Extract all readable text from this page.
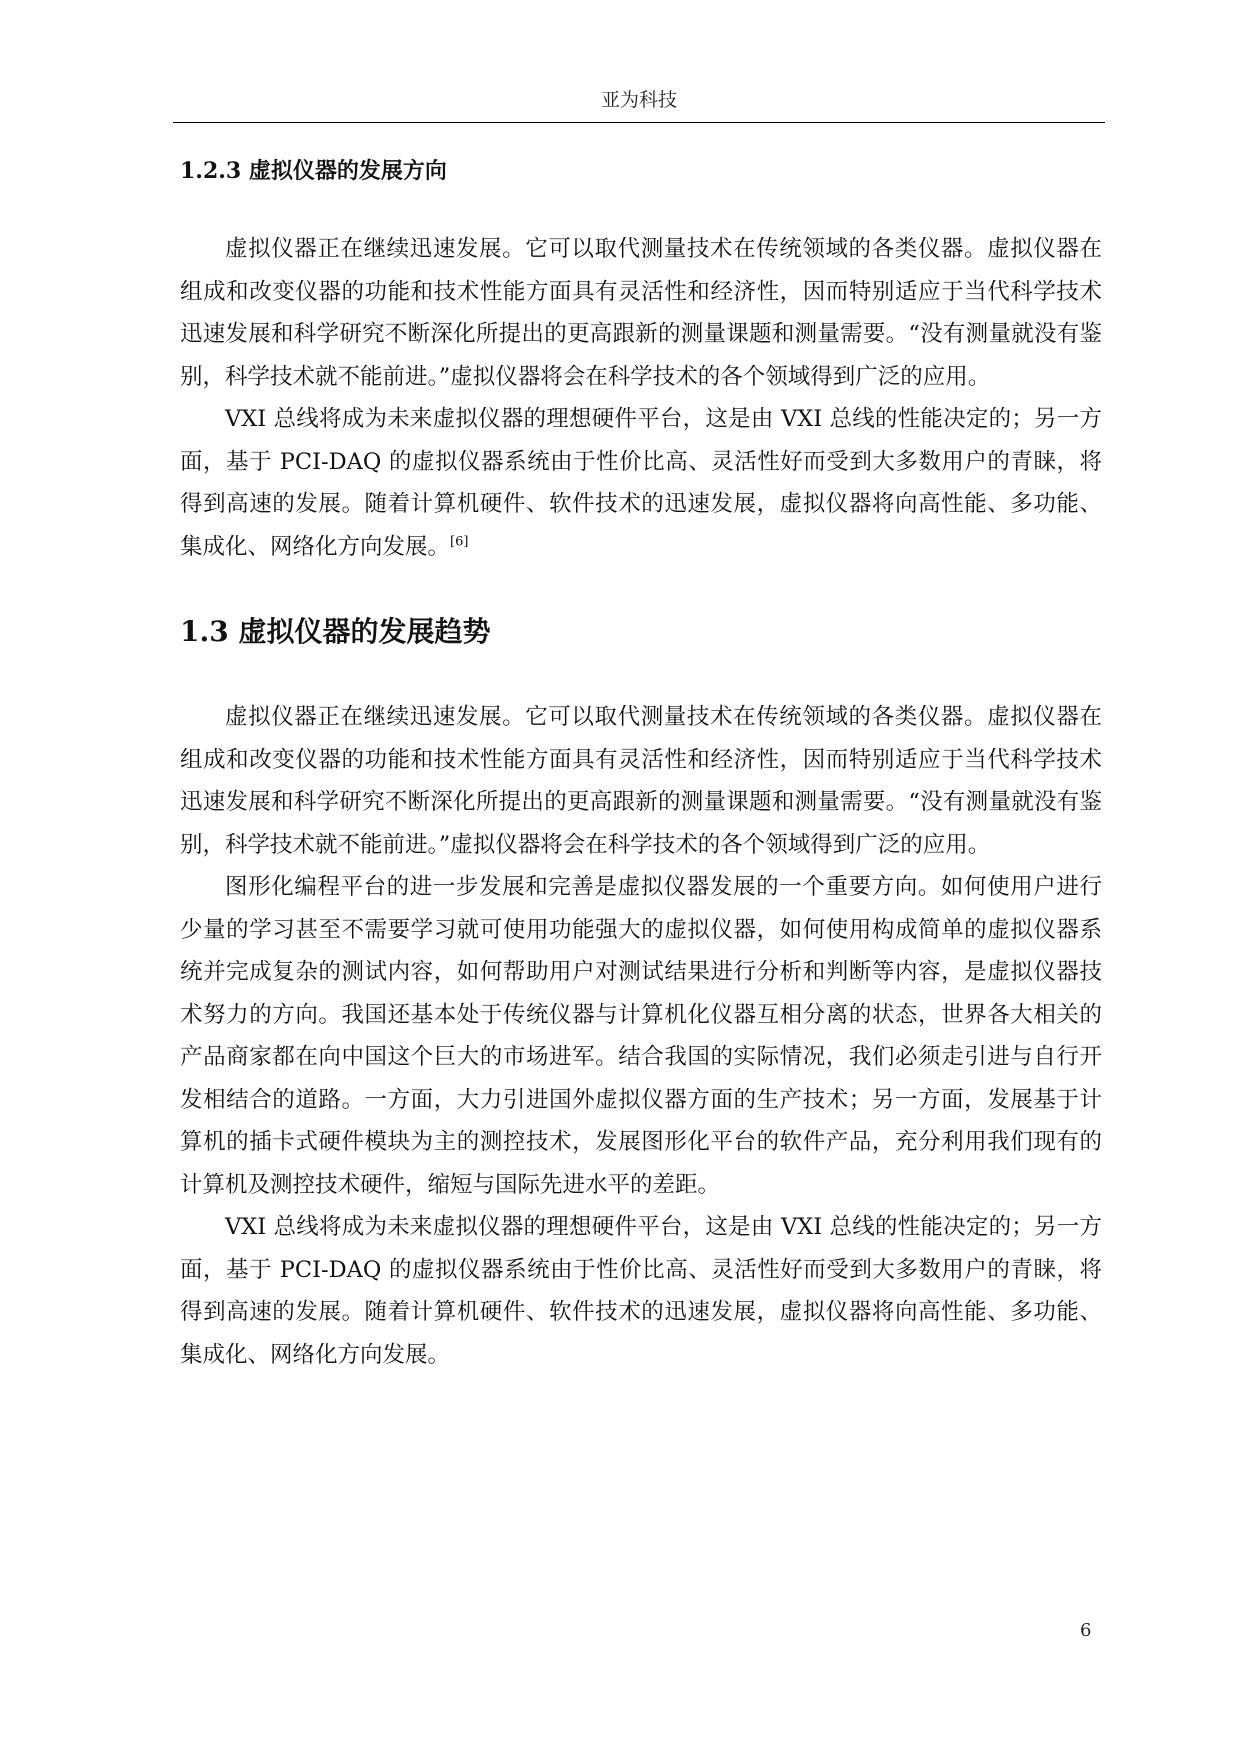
亚为科技
1.2.3 虚拟仪器的发展方向

虚拟仪器正在继续迅速发展。它可以取代测量技术在传统领域的各类仪器。虚拟仪器在组成和改变仪器的功能和技术性能方面具有灵活性和经济性，因而特别适应于当代科学技术迅速发展和科学研究不断深化所提出的更高跟新的测量课题和测量需要。“没有测量就没有鉴别，科学技术就不能前进。”虚拟仪器将会在科学技术的各个领域得到广泛的应用。

VXI 总线将成为未来虚拟仪器的理想硬件平台，这是由 VXI 总线的性能决定的；另一方面，基于 PCI-DAQ 的虚拟仪器系统由于性价比高、灵活性好而受到大多数用户的青睐，将得到高速的发展。随着计算机硬件、软件技术的迅速发展，虚拟仪器将向高性能、多功能、集成化、网络化方向发展。[6]

1.3 虚拟仪器的发展趋势

虚拟仪器正在继续迅速发展。它可以取代测量技术在传统领域的各类仪器。虚拟仪器在组成和改变仪器的功能和技术性能方面具有灵活性和经济性，因而特别适应于当代科学技术迅速发展和科学研究不断深化所提出的更高跟新的测量课题和测量需要。“没有测量就没有鉴别，科学技术就不能前进。”虚拟仪器将会在科学技术的各个领域得到广泛的应用。

图形化编程平台的进一步发展和完善是虚拟仪器发展的一个重要方向。如何使用户进行少量的学习甚至不需要学习就可使用功能强大的虚拟仪器，如何使用构成简单的虚拟仪器系统并完成复杂的测试内容，如何帮助用户对测试结果进行分析和判断等内容，是虚拟仪器技术努力的方向。我国还基本处于传统仪器与计算机化仪器互相分离的状态，世界各大相关的产品商家都在向中国这个巨大的市场进军。结合我国的实际情况，我们必须走引进与自行开发相结合的道路。一方面，大力引进国外虚拟仪器方面的生产技术；另一方面，发展基于计算机的插卡式硬件模块为主的测控技术，发展图形化平台的软件产品，充分利用我们现有的计算机及测控技术硬件，缩短与国际先进水平的差距。

VXI 总线将成为未来虚拟仪器的理想硬件平台，这是由 VXI 总线的性能决定的；另一方面，基于 PCI-DAQ 的虚拟仪器系统由于性价比高、灵活性好而受到大多数用户的青睐，将得到高速的发展。随着计算机硬件、软件技术的迅速发展，虚拟仪器将向高性能、多功能、集成化、网络化方向发展。

6
